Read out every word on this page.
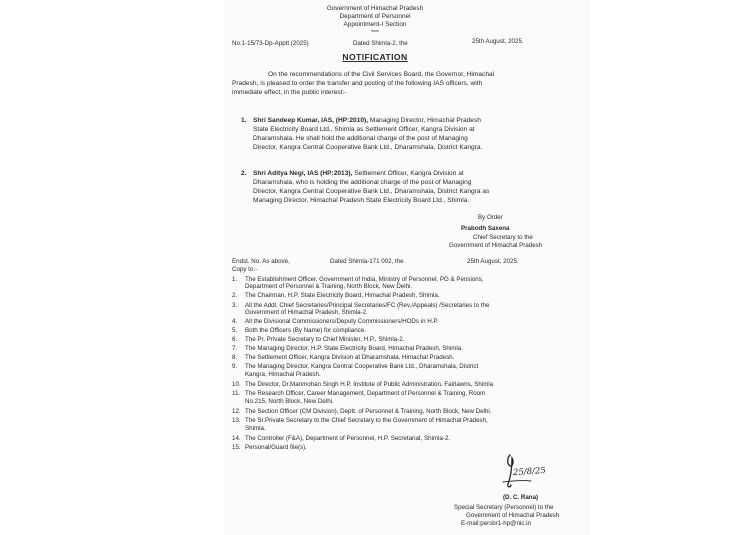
Government of Himachal Pradesh
Department of Personnel
Appointment-I Section
****
No.1-15/73-Dp-Apptt (2025)	Dated Shimla-2, the	25th August, 2025.
NOTIFICATION
On the recommendations of the Civil Services Board, the Governor, Himachal
Pradesh, is pleased to order the transfer and posting of the following IAS officers, with
immediate effect, in the public interest:-
1. Shri Sandeep Kumar, IAS, (HP:2010), Managing Director, Himachal Pradesh
State Electricity Board Ltd., Shimla as Settlement Officer, Kangra Division at
Dharamshala. He shall hold the additional charge of the post of Managing
Director, Kangra Central Cooperative Bank Ltd., Dharamshala, District Kangra.
2. Shri Aditya Negi, IAS (HP:2013), Settlement Officer, Kangra Division at
Dharamshala, who is holding the additional charge of the post of Managing
Director, Kangra Central Cooperative Bank Ltd., Dharamshala, District Kangra as
Managing Director, Himachal Pradesh State Electricity Board Ltd., Shimla.
By Order
Prabodh Saxena
Chief Secretary to the
Government of Himachal Pradesh
Endst. No. As above,	Dated Shimla-171 002, the	25th August, 2025.
Copy to:-
1. The Establishment Officer, Government of India, Ministry of Personnel, PG & Pensions,
Department of Personnel & Training, North Block, New Delhi.
2. The Chairman, H.P. State Electricity Board, Himachal Pradesh, Shimla.
3. All the Addl. Chief Secretaries/Principal Secretaries/FC (Rev./Appeals) /Secretaries to the
Government of Himachal Pradesh, Shimla-2.
4. All the Divisional Commissioners/Deputy Commissioners/HODs in H.P.
5. Both the Officers (By Name) for compliance.
6. The Pr. Private Secretary to Chief Minister, H.P., Shimla-2.
7. The Managing Director, H.P. State Electricity Board, Himachal Pradesh, Shimla.
8. The Settlement Officer, Kangra Division at Dharamshala, Himachal Pradesh.
9. The Managing Director, Kangra Central Cooperative Bank Ltd., Dharamshala, District
Kangra, Himachal Pradesh.
10. The Director, Dr.Manmohan Singh H.P. Institute of Public Administration, Fairlawns, Shimla
11. The Research Officer, Career Management, Department of Personnel & Training, Room
No.215, North Block, New Delhi.
12. The Section Officer (CM Division), Deptt. of Personnel & Training, North Block, New Delhi.
13. The Sr.Private Secretary to the Chief Secretary to the Government of Himachal Pradesh,
Shimla.
14. The Controller (F&A), Department of Personnel, H.P. Secretariat, Shimla-2.
15. Personal/Guard file(s).
25/8/25
(D. C. Rana)
Special Secretary (Personnel) to the
Government of Himachal Pradesh
E-mail:persbr1-hp@nic.in
